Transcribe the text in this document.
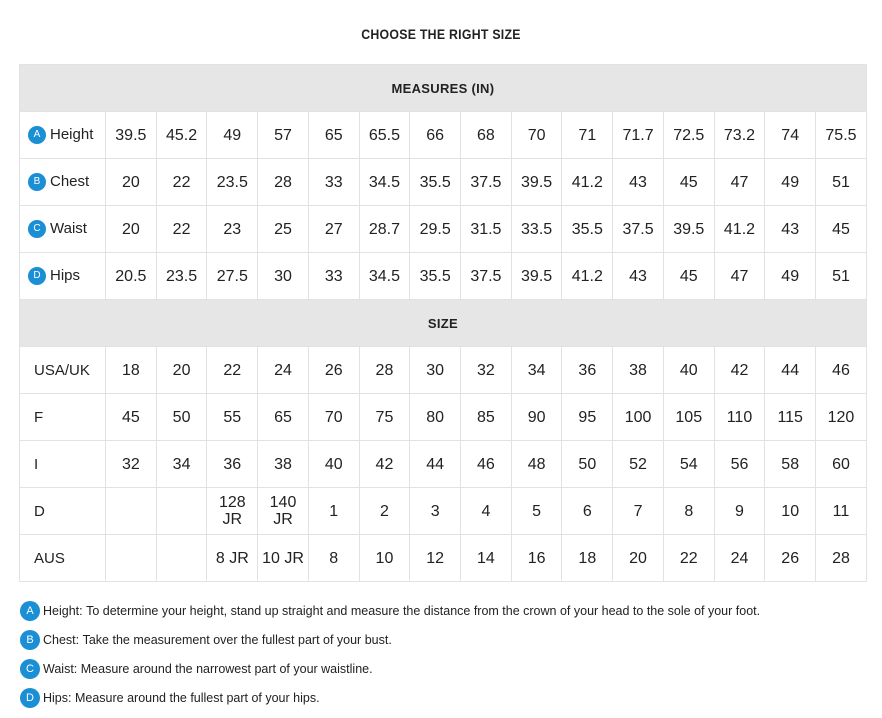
CHOOSE THE RIGHT SIZE
MEASURES (IN)															
A Height	39.5	45.2	49	57	65	65.5	66	68	70	71	71.7	72.5	73.2	74	75.5
B Chest	20	22	23.5	28	33	34.5	35.5	37.5	39.5	41.2	43	45	47	49	51
C Waist	20	22	23	25	27	28.7	29.5	31.5	33.5	35.5	37.5	39.5	41.2	43	45
D Hips	20.5	23.5	27.5	30	33	34.5	35.5	37.5	39.5	41.2	43	45	47	49	51
SIZE															
USA/UK	18	20	22	24	26	28	30	32	34	36	38	40	42	44	46
F	45	50	55	65	70	75	80	85	90	95	100	105	110	115	120
I	32	34	36	38	40	42	44	46	48	50	52	54	56	58	60
D			128 JR	140 JR	1	2	3	4	5	6	7	8	9	10	11
AUS			8 JR	10 JR	8	10	12	14	16	18	20	22	24	26	28
A Height : To determine your height, stand up straight and measure the distance from the crown of your head to the sole of your foot.
B Chest : Take the measurement over the fullest part of your bust.
C Waist : Measure around the narrowest part of your waistline.
D Hips : Measure around the fullest part of your hips.
